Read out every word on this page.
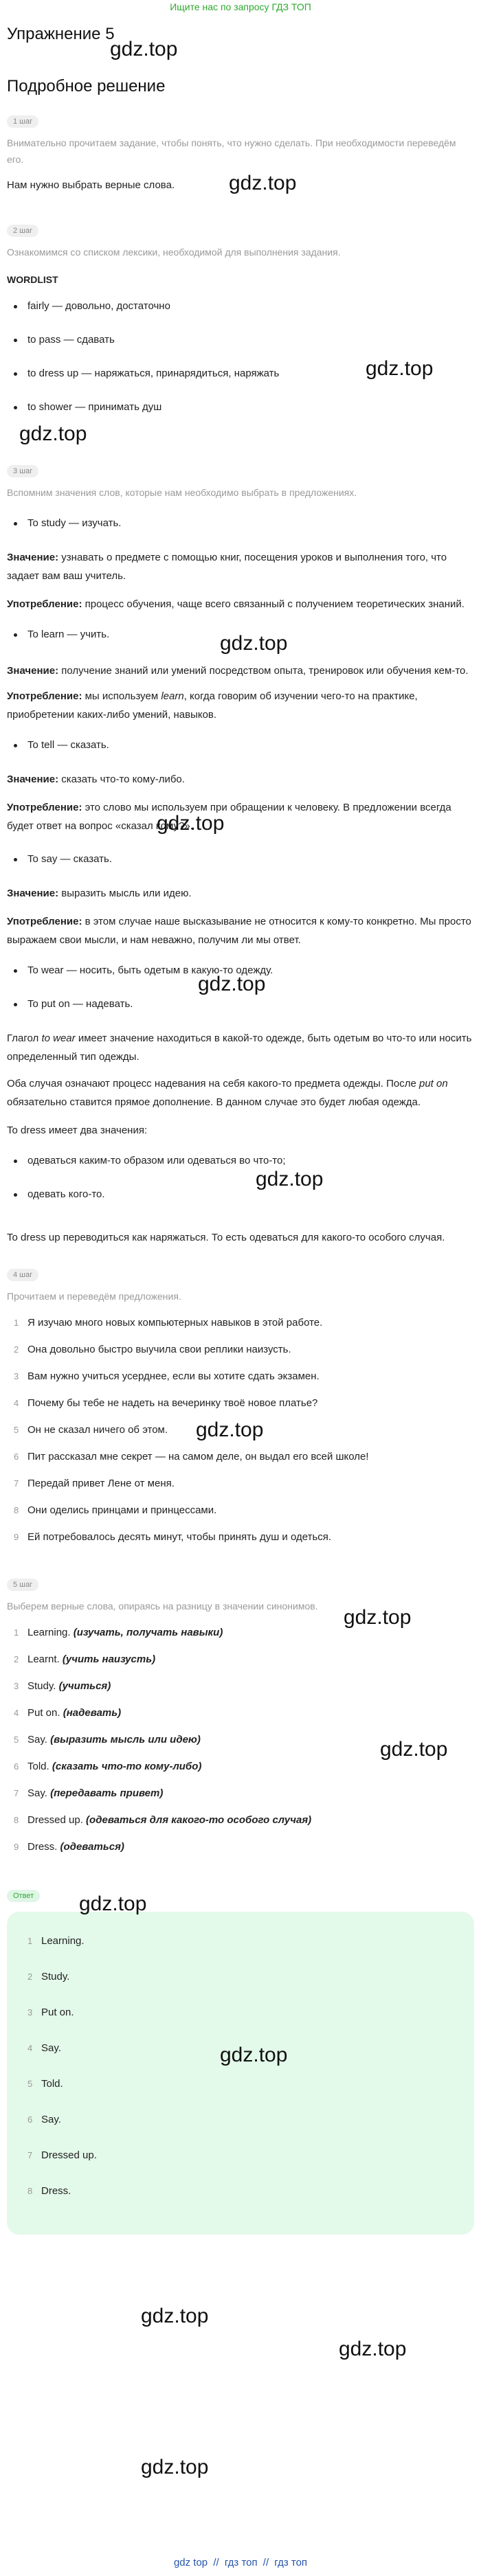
Ищите нас по запросу ГДЗ ТОП
Упражнение 5
Подробное решение
1 шаг
Внимательно прочитаем задание, чтобы понять, что нужно сделать. При необходимости переведём его.
Нам нужно выбрать верные слова.
2 шаг
Ознакомимся со списком лексики, необходимой для выполнения задания.
WORDLIST
fairly — довольно, достаточно
to pass — сдавать
to dress up — наряжаться, принарядиться, наряжать
to shower — принимать душ
3 шаг
Вспомним значения слов, которые нам необходимо выбрать в предложениях.
To study — изучать.
Значение: узнавать о предмете с помощью книг, посещения уроков и выполнения того, что задает вам ваш учитель.
Употребление: процесс обучения, чаще всего связанный с получением теоретических знаний.
To learn — учить.
Значение: получение знаний или умений посредством опыта, тренировок или обучения кем-то.
Употребление: мы используем learn, когда говорим об изучении чего-то на практике, приобретении каких-либо умений, навыков.
To tell — сказать.
Значение: сказать что-то кому-либо.
Употребление: это слово мы используем при обращении к человеку. В предложении всегда будет ответ на вопрос «сказал кому?».
To say — сказать.
Значение: выразить мысль или идею.
Употребление: в этом случае наше высказывание не относится к кому-то конкретно. Мы просто выражаем свои мысли, и нам неважно, получим ли мы ответ.
To wear — носить, быть одетым в какую-то одежду.
To put on — надевать.
Глагол to wear имеет значение находиться в какой-то одежде, быть одетым во что-то или носить определенный тип одежды.
Оба случая означают процесс надевания на себя какого-то предмета одежды. После put on обязательно ставится прямое дополнение. В данном случае это будет любая одежда.
To dress имеет два значения:
одеваться каким-то образом или одеваться во что-то;
одевать кого-то.
To dress up переводиться как наряжаться. То есть одеваться для какого-то особого случая.
4 шаг
Прочитаем и переведём предложения.
1 Я изучаю много новых компьютерных навыков в этой работе.
2 Она довольно быстро выучила свои реплики наизусть.
3 Вам нужно учиться усерднее, если вы хотите сдать экзамен.
4 Почему бы тебе не надеть на вечеринку твоё новое платье?
5 Он не сказал ничего об этом.
6 Пит рассказал мне секрет — на самом деле, он выдал его всей школе!
7 Передай привет Лене от меня.
8 Они оделись принцами и принцессами.
9 Ей потребовалось десять минут, чтобы принять душ и одеться.
5 шаг
Выберем верные слова, опираясь на разницу в значении синонимов.
1 Learning. (изучать, получать навыки)
2 Learnt. (учить наизусть)
3 Study. (учиться)
4 Put on. (надевать)
5 Say. (выразить мысль или идею)
6 Told. (сказать что-то кому-либо)
7 Say. (передавать привет)
8 Dressed up. (одеваться для какого-то особого случая)
9 Dress. (одеваться)
Ответ
1 Learning.
2 Study.
3 Put on.
4 Say.
5 Told.
6 Say.
7 Dressed up.
8 Dress.
gdz.top
gdz.top
gdz.top
gdz.top
gdz.top
gdz.top
gdz.top
gdz.top
gdz.top
gdz.top
gdz.top
gdz.top
gdz.top
gdz.top
gdz.top
gdz.top
gdz top // гдз топ // гдз топ
